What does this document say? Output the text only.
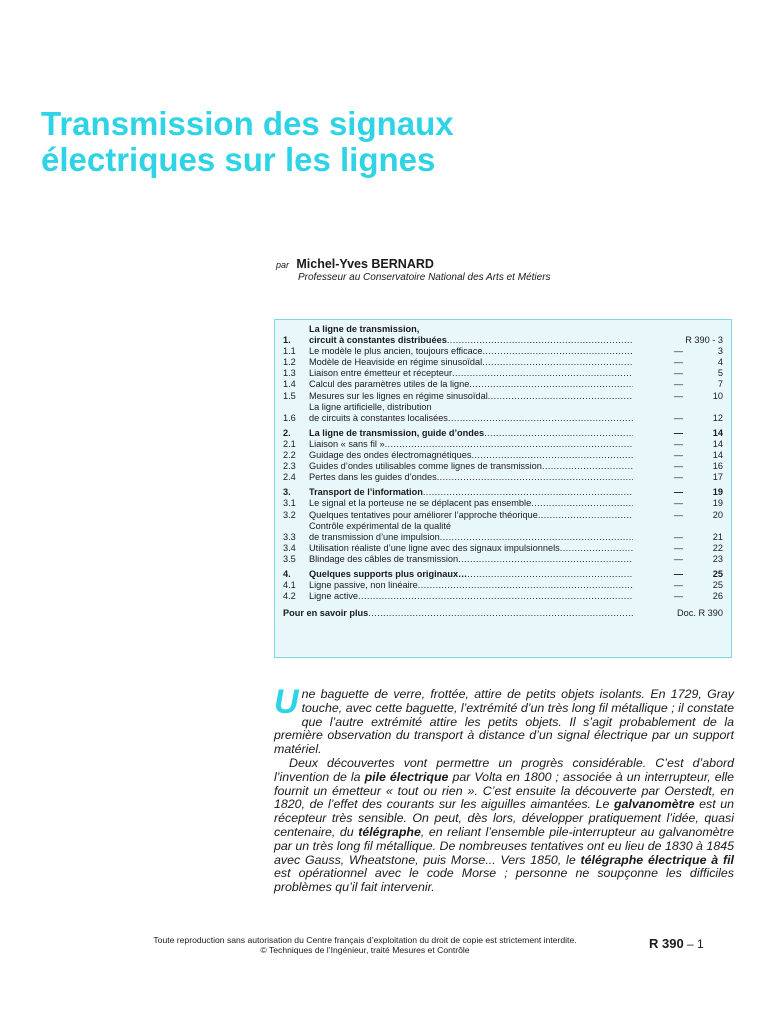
Transmission des signaux
électriques sur les lignes
par Michel-Yves BERNARD
Professeur au Conservatoire National des Arts et Métiers
1.
La ligne de transmission,
circuit à constantes distribuées .....	R 390 - 3
1.1	Le modèle le plus ancien, toujours efficace .....	—	3
1.2	Modèle de Heaviside en régime sinusoïdal .....	—	4
1.3	Liaison entre émetteur et récepteur .....	—	5
1.4	Calcul des paramètres utiles de la ligne .....	—	7
1.5	Mesures sur les lignes en régime sinusoïdal .....	—	10
1.6
La ligne artificielle, distribution
de circuits à constantes localisées .....	—	12
2.	La ligne de transmission, guide d’ondes .....	—	14
2.1	Liaison « sans fil » .....	—	14
2.2	Guidage des ondes électromagnétiques .....	—	14
2.3	Guides d’ondes utilisables comme lignes de transmission .....	—	16
2.4	Pertes dans les guides d’ondes .....	—	17
3.	Transport de l’information .....	—	19
3.1	Le signal et la porteuse ne se déplacent pas ensemble .....	—	19
3.2	Quelques tentatives pour améliorer l’approche théorique .....	—	20
3.3
Contrôle expérimental de la qualité
de transmission d’une impulsion .....	—	21
3.4	Utilisation réaliste d’une ligne avec des signaux impulsionnels .....	—	22
3.5	Blindage des câbles de transmission .....	—	23
4.	Quelques supports plus originaux… .....	—	25
4.1	Ligne passive, non linéaire .....	—	25
4.2	Ligne active .....	—	26
Pour en savoir plus .....	Doc. R 390

Une baguette de verre, frottée, attire de petits objets isolants. En 1729, Gray touche, avec cette baguette, l’extrémité d’un très long fil métallique ; il constate que l’autre extrémité attire les petits objets. Il s’agit probablement de la première observation du transport à distance d’un signal électrique par un support matériel.

Deux découvertes vont permettre un progrès considérable. C’est d’abord l’invention de la pile électrique par Volta en 1800 ; associée à un interrupteur, elle fournit un émetteur « tout ou rien ». C’est ensuite la découverte par Oerstedt, en 1820, de l’effet des courants sur les aiguilles aimantées. Le galvanomètre est un récepteur très sensible. On peut, dès lors, développer pratiquement l’idée, quasi centenaire, du télégraphe, en reliant l’ensemble pile-interrupteur au galvanomètre par un très long fil métallique. De nombreuses tentatives ont eu lieu de 1830 à 1845 avec Gauss, Wheatstone, puis Morse... Vers 1850, le télégraphe électrique à fil est opérationnel avec le code Morse ; personne ne soupçonne les difficiles problèmes qu’il fait intervenir.

Toute reproduction sans autorisation du Centre français d’exploitation du droit de copie est strictement interdite.
© Techniques de l’Ingénieur, traité Mesures et Contrôle	R 390 – 1
